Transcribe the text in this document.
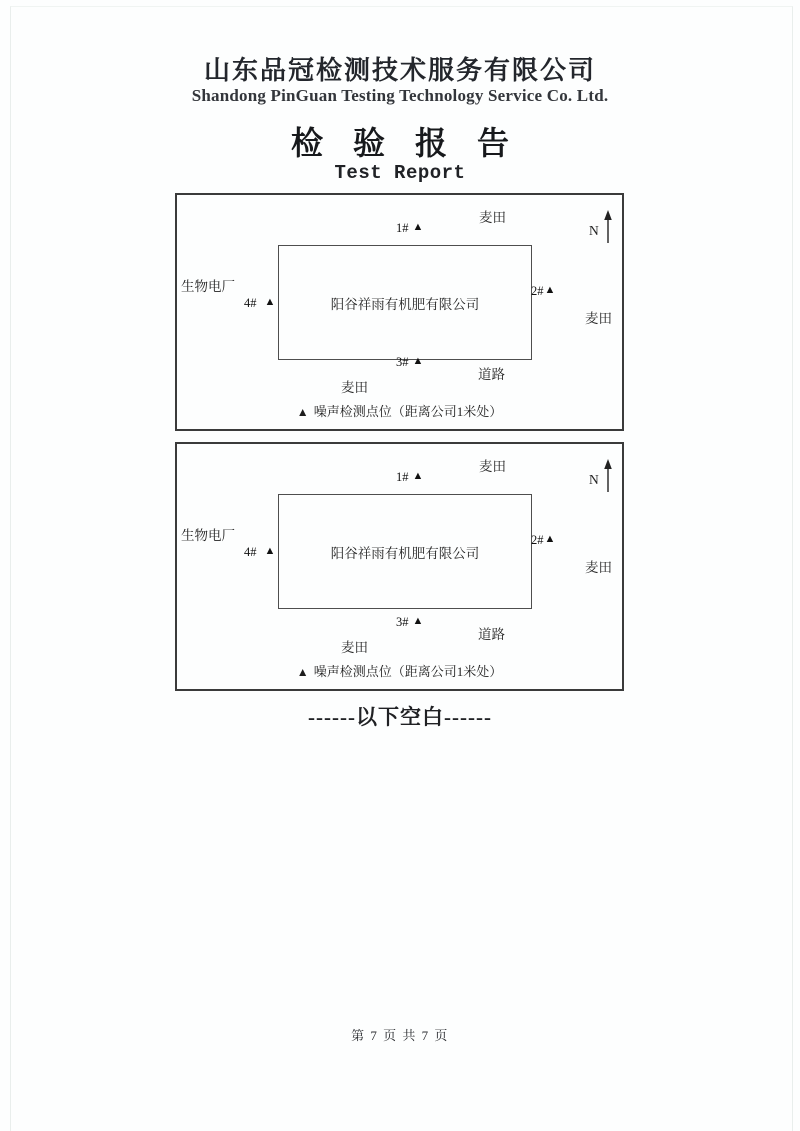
山东品冠检测技术服务有限公司
Shandong PinGuan Testing Technology Service Co. Ltd.
检验报告
Test Report
麦田
1# ▲	N
生物电厂
4# ▲	阳谷祥雨有机肥有限公司
2# ▲
麦田
3# ▲
道路
麦田
▲ 噪声检测点位（距离公司1米处）
麦田
1# ▲	N
生物电厂
4# ▲	阳谷祥雨有机肥有限公司
2# ▲
麦田
3# ▲
道路
麦田
▲ 噪声检测点位（距离公司1米处）
------以下空白------
第 7 页 共 7 页
